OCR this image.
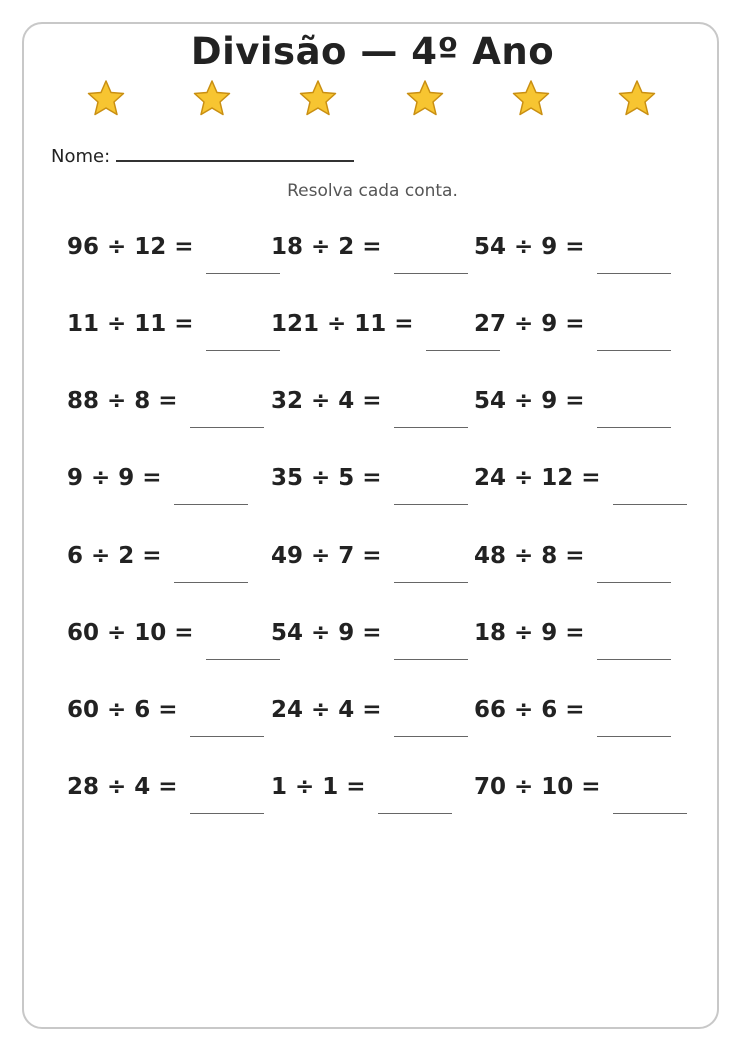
Divisão — 4º Ano
Nome:
Resolva cada conta.
96 ÷ 12 =	18 ÷ 2 =	54 ÷ 9 =
11 ÷ 11 =	121 ÷ 11 =	27 ÷ 9 =
88 ÷ 8 =	32 ÷ 4 =	54 ÷ 9 =
9 ÷ 9 =	35 ÷ 5 =	24 ÷ 12 =
6 ÷ 2 =	49 ÷ 7 =	48 ÷ 8 =
60 ÷ 10 =	54 ÷ 9 =	18 ÷ 9 =
60 ÷ 6 =	24 ÷ 4 =	66 ÷ 6 =
28 ÷ 4 =	1 ÷ 1 =	70 ÷ 10 =
